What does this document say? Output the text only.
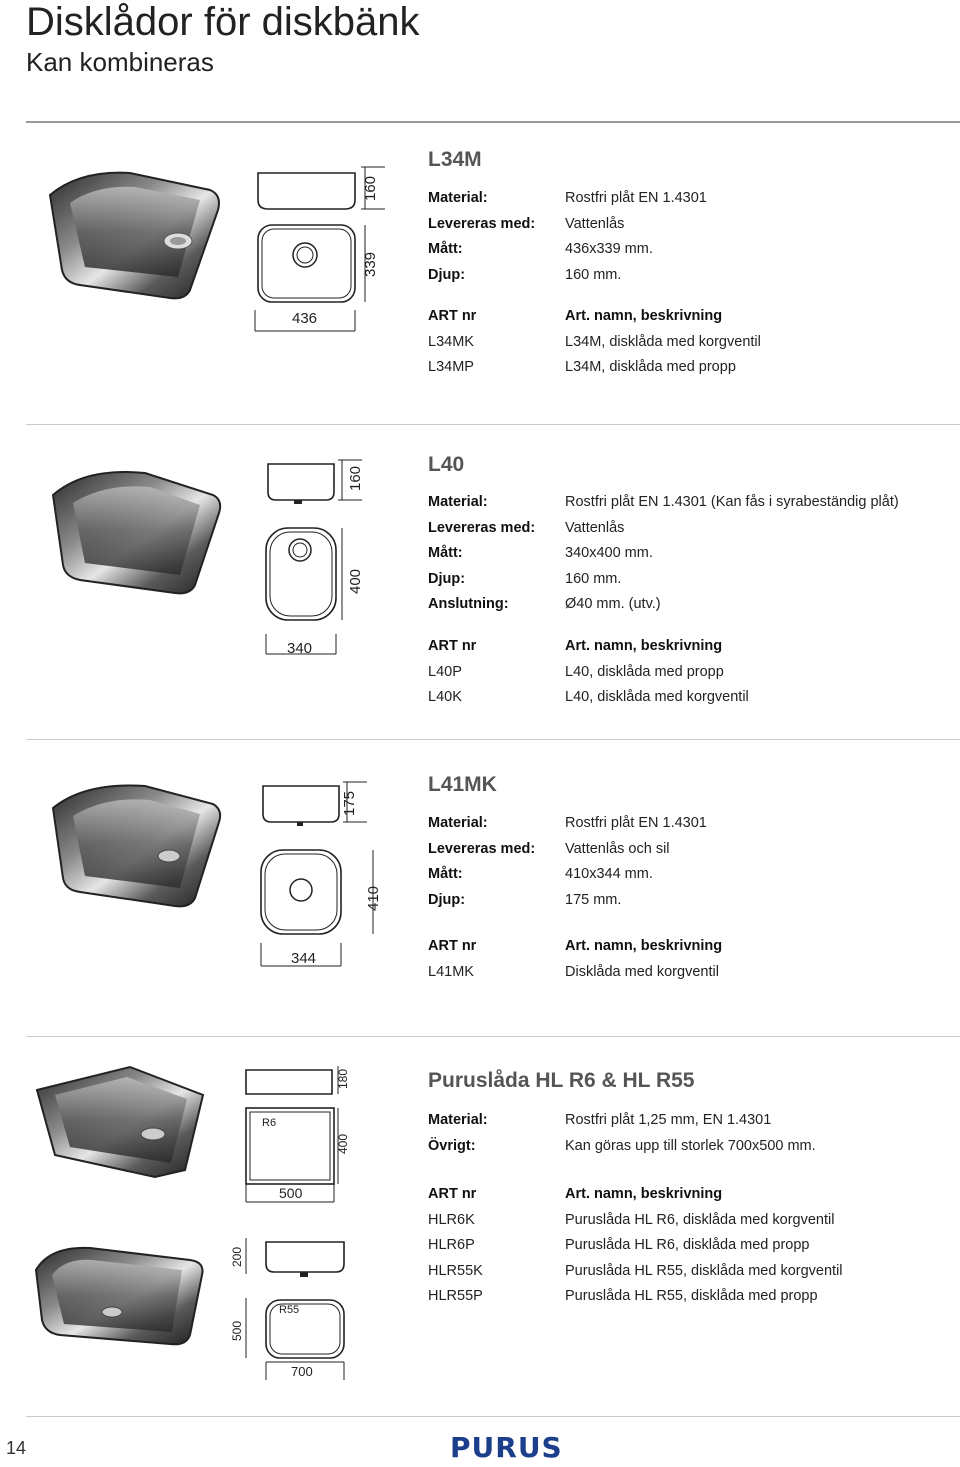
Disklådor för diskbänk
Kan kombineras
160
339
436
L34M
Material:	Rostfri plåt EN 1.4301
Levereras med:	Vattenlås
Mått:	436x339 mm.
Djup:	160 mm.
ART nr	Art. namn, beskrivning
L34MK	L34M, disklåda med korgventil
L34MP	L34M, disklåda med propp
160
400
340
L40
Material:	Rostfri plåt EN 1.4301 (Kan fås i syrabeständig plåt)
Levereras med:	Vattenlås
Mått:	340x400 mm.
Djup:	160 mm.
Anslutning:	Ø40 mm. (utv.)
ART nr	Art. namn, beskrivning
L40P	L40, disklåda med propp
L40K	L40, disklåda med korgventil
175
410
344
L41MK
Material:	Rostfri plåt EN 1.4301
Levereras med:	Vattenlås och sil
Mått:	410x344 mm.
Djup:	175 mm.
ART nr	Art. namn, beskrivning
L41MK	Disklåda med korgventil
180
400
R6
500
200
500
R55
700
Puruslåda HL R6 & HL R55
Material:	Rostfri plåt 1,25 mm, EN 1.4301
Övrigt:	Kan göras upp till storlek 700x500 mm.
ART nr	Art. namn, beskrivning
HLR6K	Puruslåda HL R6, disklåda med korgventil
HLR6P	Puruslåda HL R6, disklåda med propp
HLR55K	Puruslåda HL R55, disklåda med korgventil
HLR55P	Puruslåda HL R55, disklåda med propp
14	PURUS
